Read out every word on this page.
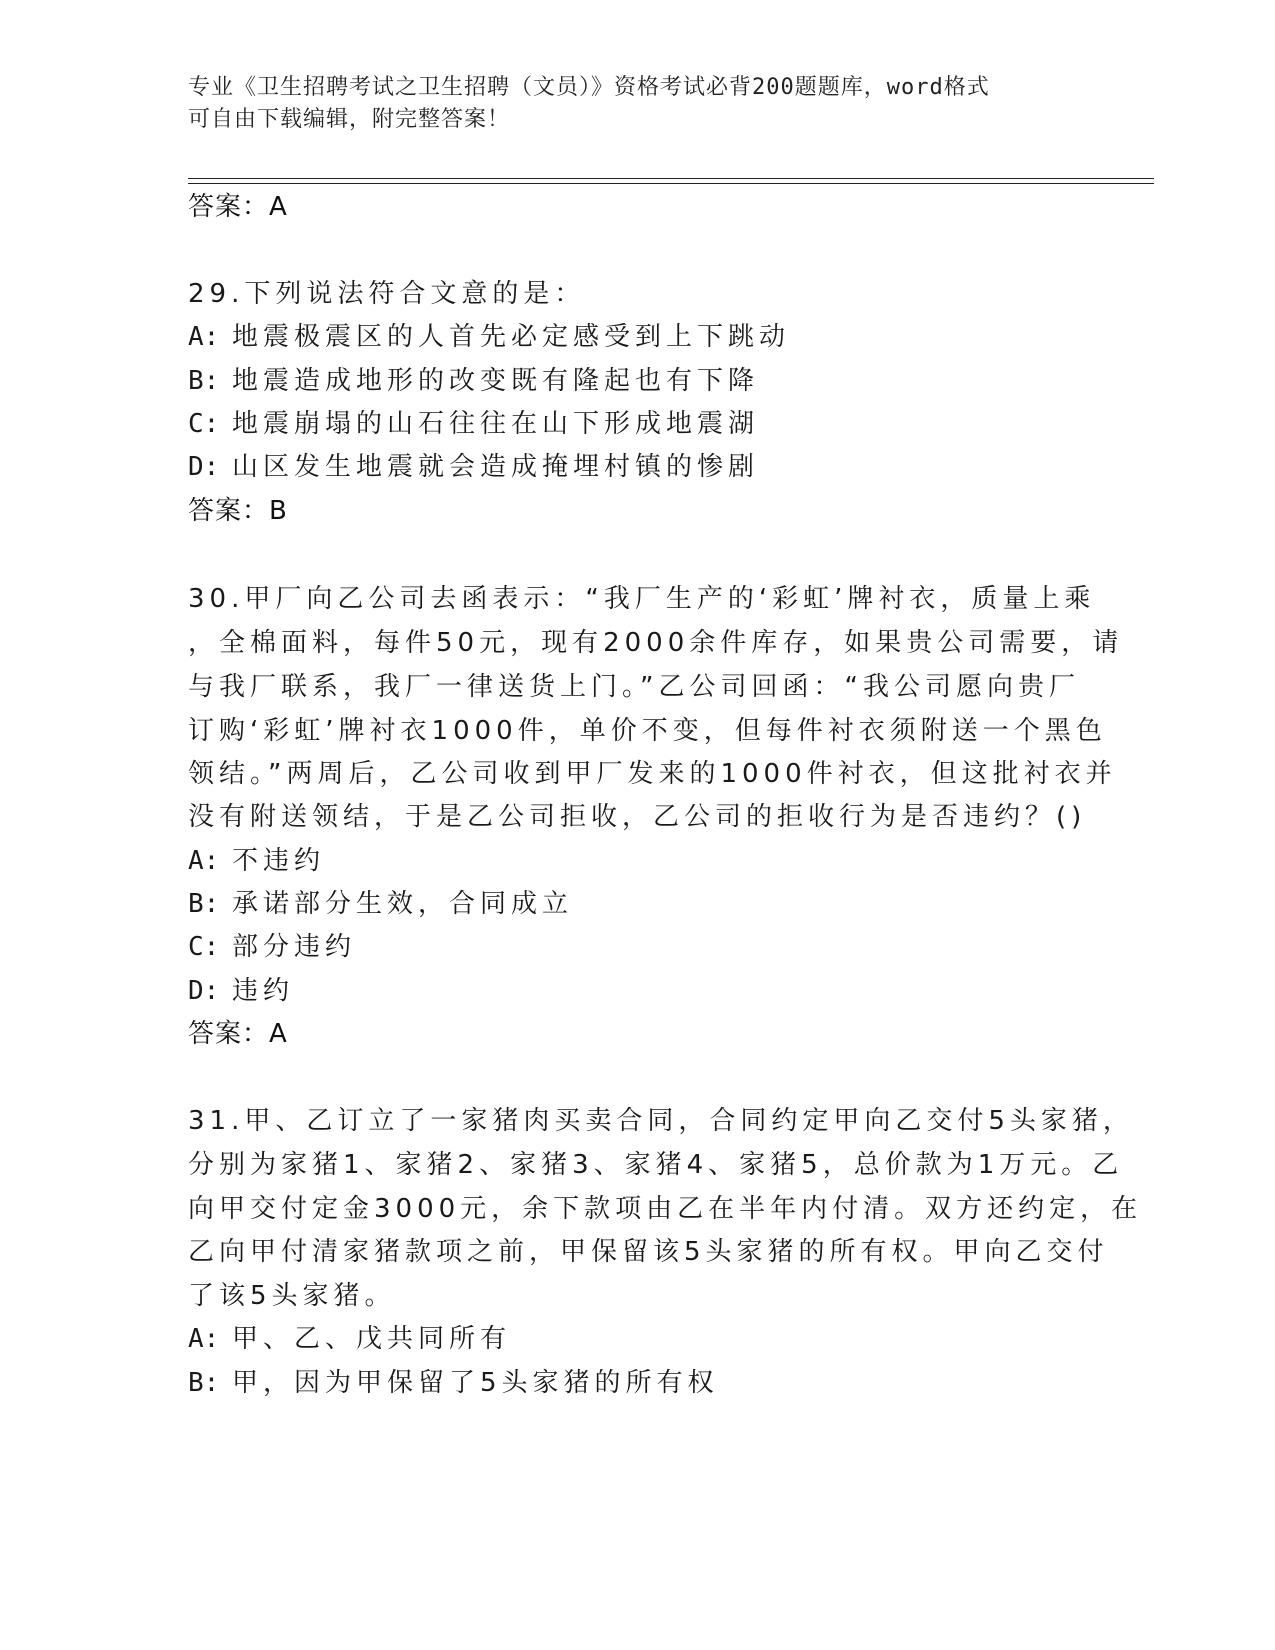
专业《卫生招聘考试之卫生招聘（文员）》资格考试必背200题题库，word格式
可自由下载编辑，附完整答案！
答案：A
29.下列说法符合文意的是：
A: 地震极震区的人首先必定感受到上下跳动
B: 地震造成地形的改变既有隆起也有下降
C: 地震崩塌的山石往往在山下形成地震湖
D: 山区发生地震就会造成掩埋村镇的惨剧
答案：B
30.甲厂向乙公司去函表示：“我厂生产的‘彩虹’牌衬衣，质量上乘
，全棉面料，每件50元，现有2000余件库存，如果贵公司需要，请
与我厂联系，我厂一律送货上门。”乙公司回函：“我公司愿向贵厂
订购‘彩虹’牌衬衣1000件，单价不变，但每件衬衣须附送一个黑色
领结。”两周后，乙公司收到甲厂发来的1000件衬衣，但这批衬衣并
没有附送领结，于是乙公司拒收，乙公司的拒收行为是否违约？()
A: 不违约
B: 承诺部分生效，合同成立
C: 部分违约
D: 违约
答案：A
31.甲、乙订立了一家猪肉买卖合同，合同约定甲向乙交付5头家猪，
分别为家猪1、家猪2、家猪3、家猪4、家猪5，总价款为1万元。乙
向甲交付定金3000元，余下款项由乙在半年内付清。双方还约定，在
乙向甲付清家猪款项之前，甲保留该5头家猪的所有权。甲向乙交付
了该5头家猪。
A: 甲、乙、戊共同所有
B: 甲，因为甲保留了5头家猪的所有权
